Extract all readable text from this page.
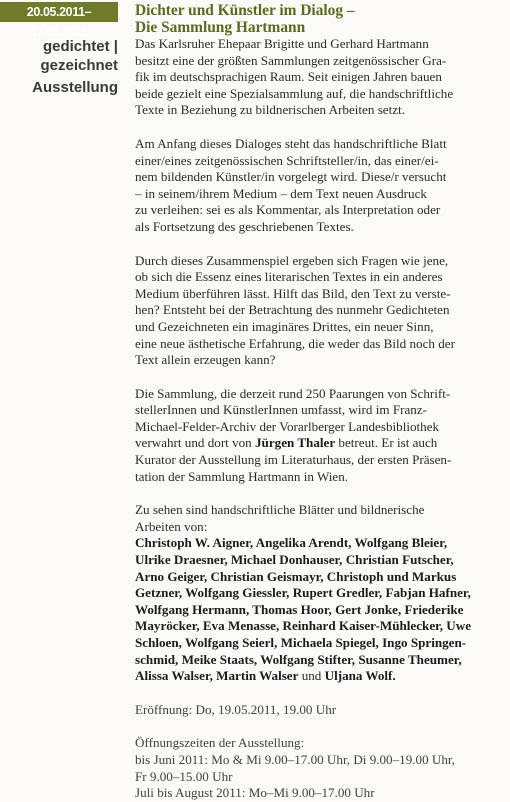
20.05.2011–17.08.2011
gedichtet |
gezeichnet
Ausstellung
Dichter und Künstler im Dialog –
Die Sammlung Hartmann

Das Karlsruher Ehepaar Brigitte und Gerhard Hartmann
besitzt eine der größten Sammlungen zeitgenössischer Gra-
fik im deutschsprachigen Raum. Seit einigen Jahren bauen
beide gezielt eine Spezialsammlung auf, die handschriftliche
Texte in Beziehung zu bildnerischen Arbeiten setzt.

Am Anfang dieses Dialoges steht das handschriftliche Blatt
einer/eines zeitgenössischen Schriftsteller/in, das einer/ei-
nem bildenden Künstler/in vorgelegt wird. Diese/r versucht
– in seinem/ihrem Medium – dem Text neuen Ausdruck
zu verleihen: sei es als Kommentar, als Interpretation oder
als Fortsetzung des geschriebenen Textes.

Durch dieses Zusammenspiel ergeben sich Fragen wie jene,
ob sich die Essenz eines literarischen Textes in ein anderes
Medium überführen lässt. Hilft das Bild, den Text zu verste-
hen? Entsteht bei der Betrachtung des nunmehr Gedichteten
und Gezeichneten ein imaginäres Drittes, ein neuer Sinn,
eine neue ästhetische Erfahrung, die weder das Bild noch der
Text allein erzeugen kann?

Die Sammlung, die derzeit rund 250 Paarungen von Schrift-
stellerInnen und KünstlerInnen umfasst, wird im Franz-
Michael-Felder-Archiv der Vorarlberger Landesbibliothek
verwahrt und dort von Jürgen Thaler betreut. Er ist auch
Kurator der Ausstellung im Literaturhaus, der ersten Präsen-
tation der Sammlung Hartmann in Wien.

Zu sehen sind handschriftliche Blätter und bildnerische
Arbeiten von:
Christoph W. Aigner, Angelika Arendt, Wolfgang Bleier,
Ulrike Draesner, Michael Donhauser, Christian Futscher,
Arno Geiger, Christian Geismayr, Christoph und Markus
Getzner, Wolfgang Giessler, Rupert Gredler, Fabjan Hafner,
Wolfgang Hermann, Thomas Hoor, Gert Jonke, Friederike
Mayröcker, Eva Menasse, Reinhard Kaiser-Mühlecker, Uwe
Schloen, Wolfgang Seierl, Michaela Spiegel, Ingo Springen-
schmid, Meike Staats, Wolfgang Stifter, Susanne Theumer,
Alissa Walser, Martin Walser und Uljana Wolf.

Eröffnung: Do, 19.05.2011, 19.00 Uhr

Öffnungszeiten der Ausstellung:
bis Juni 2011: Mo & Mi 9.00–17.00 Uhr, Di 9.00–19.00 Uhr,
Fr 9.00–15.00 Uhr
Juli bis August 2011: Mo–Mi 9.00–17.00 Uhr
